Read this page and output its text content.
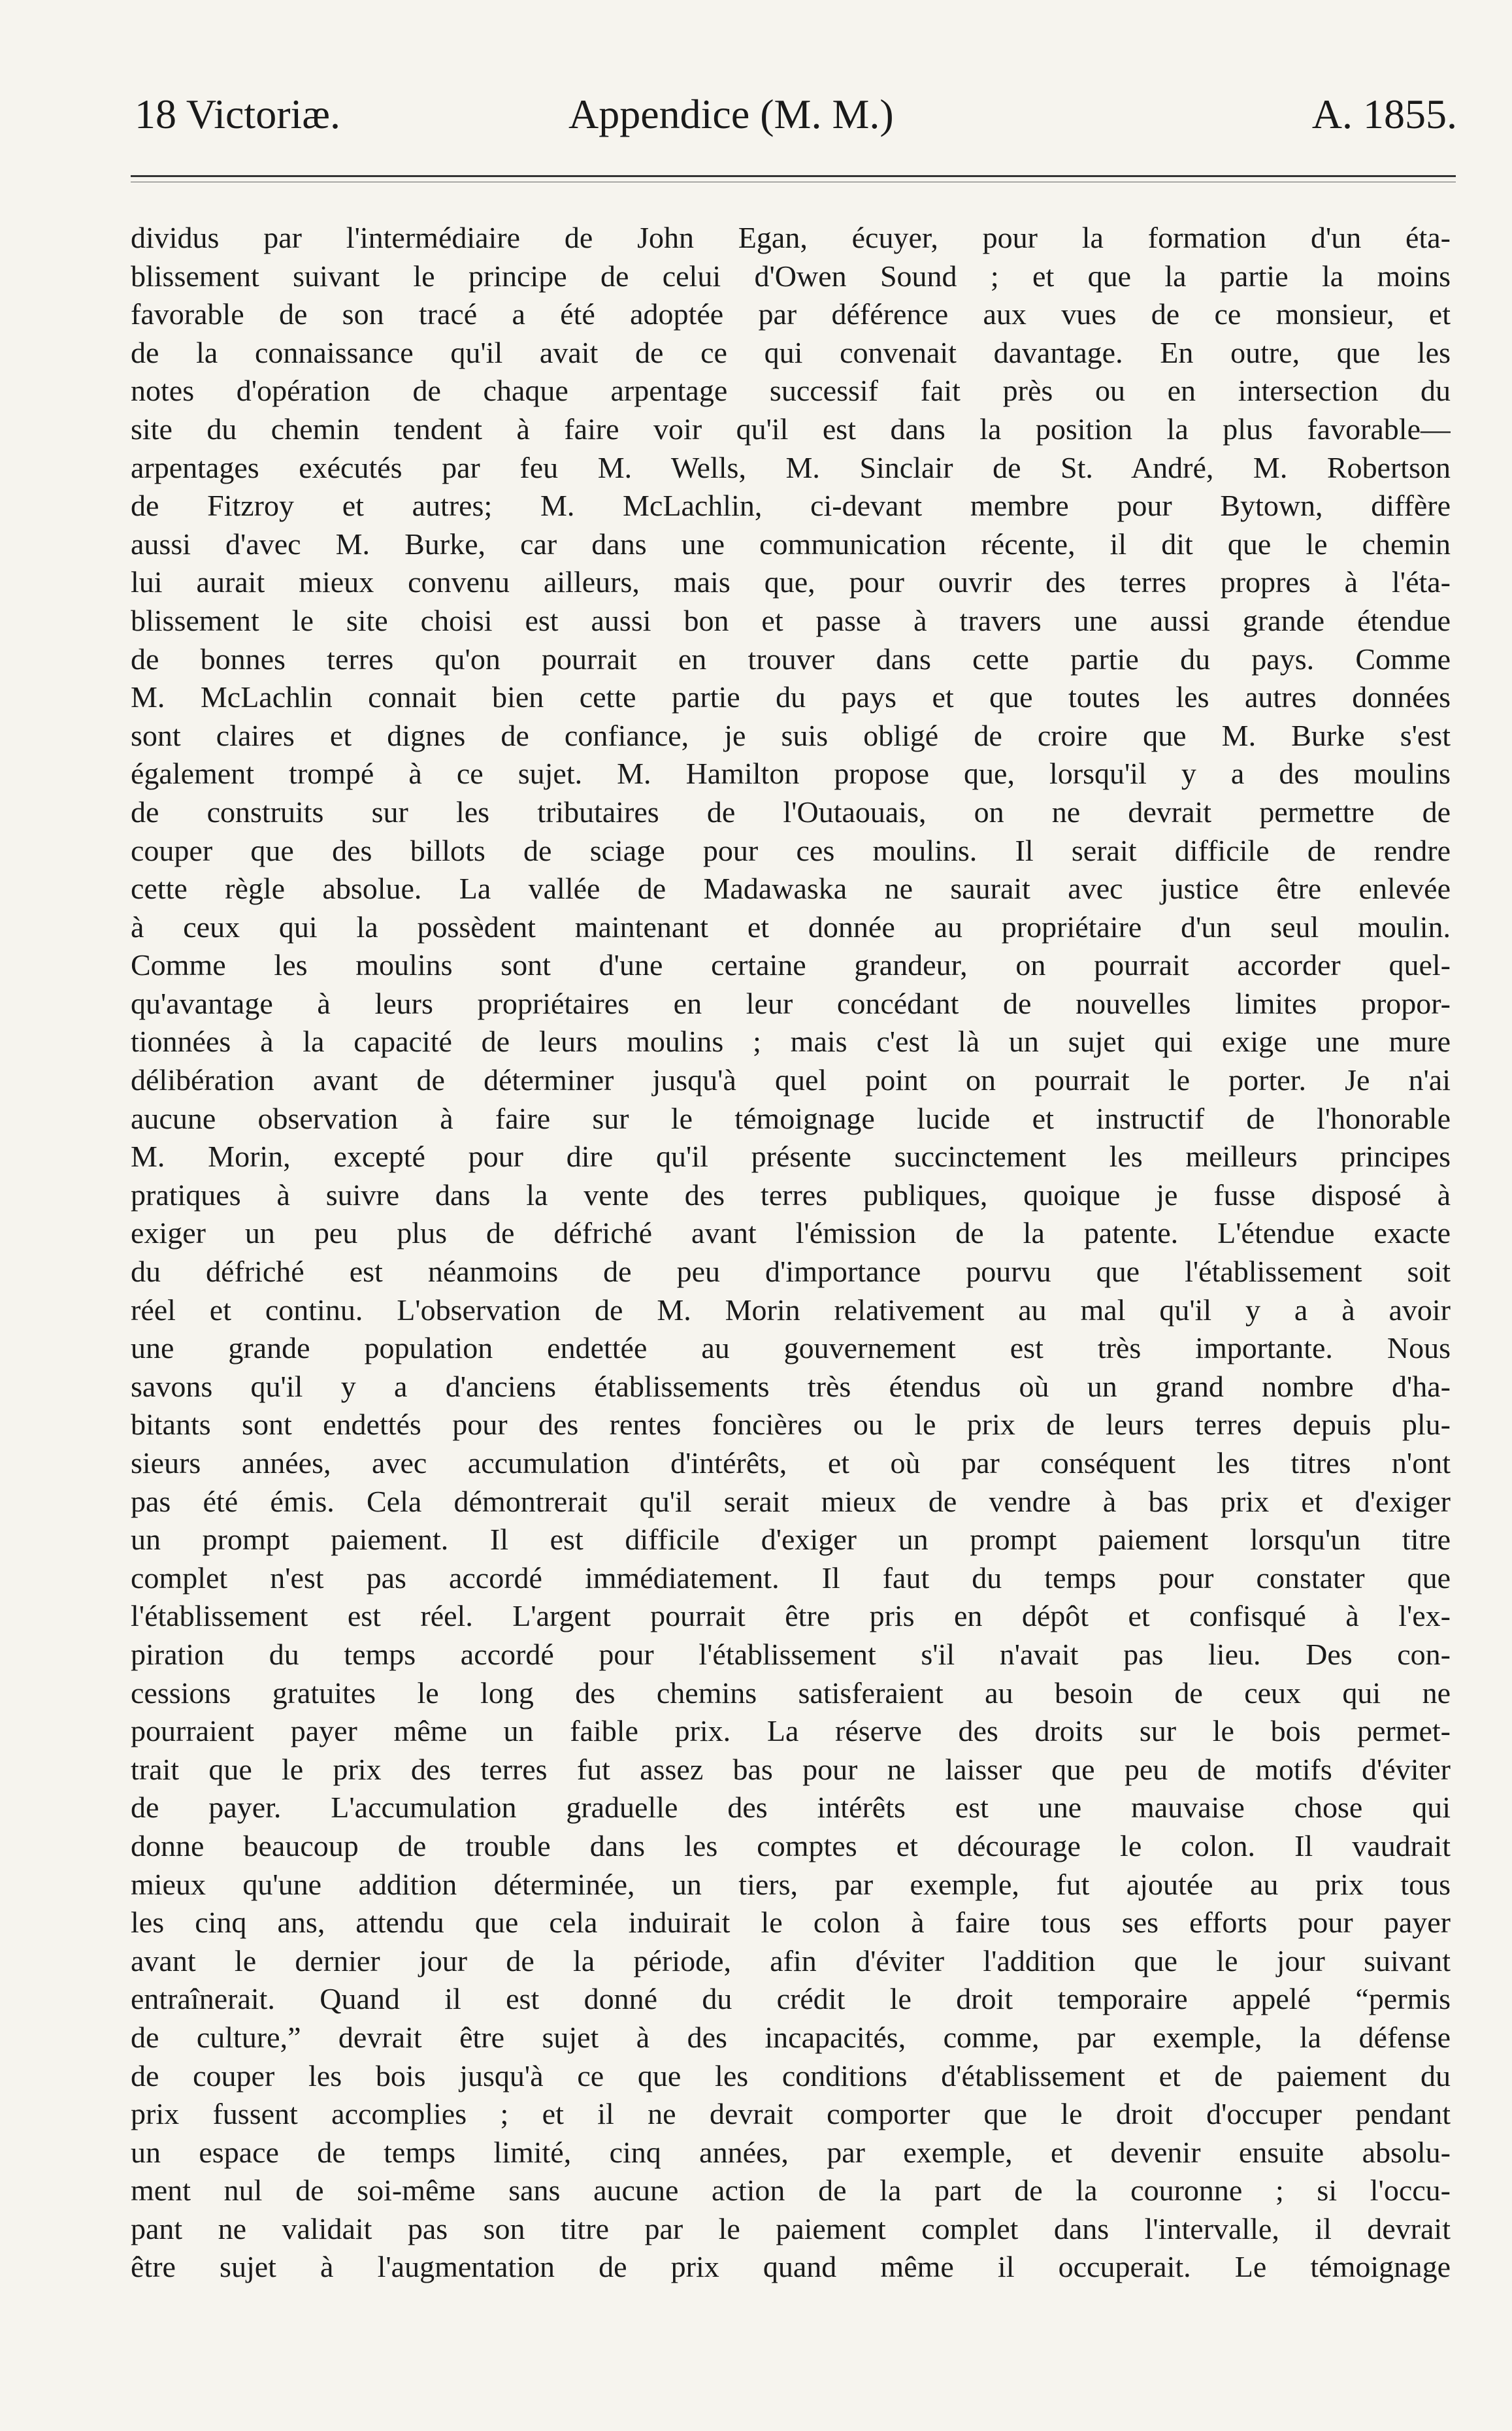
18 Victoriæ.	Appendice (M. M.)	A. 1855.
dividus par l'intermédiaire de John Egan, écuyer, pour la formation d'un éta-
blissement suivant le principe de celui d'Owen Sound ; et que la partie la moins
favorable de son tracé a été adoptée par déférence aux vues de ce monsieur, et
de la connaissance qu'il avait de ce qui convenait davantage. En outre, que les
notes d'opération de chaque arpentage successif fait près ou en intersection du
site du chemin tendent à faire voir qu'il est dans la position la plus favorable—
arpentages exécutés par feu M. Wells, M. Sinclair de St. André, M. Robertson
de Fitzroy et autres; M. McLachlin, ci-devant membre pour Bytown, diffère
aussi d'avec M. Burke, car dans une communication récente, il dit que le chemin
lui aurait mieux convenu ailleurs, mais que, pour ouvrir des terres propres à l'éta-
blissement le site choisi est aussi bon et passe à travers une aussi grande étendue
de bonnes terres qu'on pourrait en trouver dans cette partie du pays. Comme
M. McLachlin connait bien cette partie du pays et que toutes les autres données
sont claires et dignes de confiance, je suis obligé de croire que M. Burke s'est
également trompé à ce sujet. M. Hamilton propose que, lorsqu'il y a des moulins
de construits sur les tributaires de l'Outaouais, on ne devrait permettre de
couper que des billots de sciage pour ces moulins. Il serait difficile de rendre
cette règle absolue. La vallée de Madawaska ne saurait avec justice être enlevée
à ceux qui la possèdent maintenant et donnée au propriétaire d'un seul moulin.
Comme les moulins sont d'une certaine grandeur, on pourrait accorder quel-
qu'avantage à leurs propriétaires en leur concédant de nouvelles limites propor-
tionnées à la capacité de leurs moulins ; mais c'est là un sujet qui exige une mure
délibération avant de déterminer jusqu'à quel point on pourrait le porter. Je n'ai
aucune observation à faire sur le témoignage lucide et instructif de l'honorable
M. Morin, excepté pour dire qu'il présente succinctement les meilleurs principes
pratiques à suivre dans la vente des terres publiques, quoique je fusse disposé à
exiger un peu plus de défriché avant l'émission de la patente. L'étendue exacte
du défriché est néanmoins de peu d'importance pourvu que l'établissement soit
réel et continu. L'observation de M. Morin relativement au mal qu'il y a à avoir
une grande population endettée au gouvernement est très importante. Nous
savons qu'il y a d'anciens établissements très étendus où un grand nombre d'ha-
bitants sont endettés pour des rentes foncières ou le prix de leurs terres depuis plu-
sieurs années, avec accumulation d'intérêts, et où par conséquent les titres n'ont
pas été émis. Cela démontrerait qu'il serait mieux de vendre à bas prix et d'exiger
un prompt paiement. Il est difficile d'exiger un prompt paiement lorsqu'un titre
complet n'est pas accordé immédiatement. Il faut du temps pour constater que
l'établissement est réel. L'argent pourrait être pris en dépôt et confisqué à l'ex-
piration du temps accordé pour l'établissement s'il n'avait pas lieu. Des con-
cessions gratuites le long des chemins satisferaient au besoin de ceux qui ne
pourraient payer même un faible prix. La réserve des droits sur le bois permet-
trait que le prix des terres fut assez bas pour ne laisser que peu de motifs d'éviter
de payer. L'accumulation graduelle des intérêts est une mauvaise chose qui
donne beaucoup de trouble dans les comptes et décourage le colon. Il vaudrait
mieux qu'une addition déterminée, un tiers, par exemple, fut ajoutée au prix tous
les cinq ans, attendu que cela induirait le colon à faire tous ses efforts pour payer
avant le dernier jour de la période, afin d'éviter l'addition que le jour suivant
entraînerait. Quand il est donné du crédit le droit temporaire appelé “permis
de culture,” devrait être sujet à des incapacités, comme, par exemple, la défense
de couper les bois jusqu'à ce que les conditions d'établissement et de paiement du
prix fussent accomplies ; et il ne devrait comporter que le droit d'occuper pendant
un espace de temps limité, cinq années, par exemple, et devenir ensuite absolu-
ment nul de soi-même sans aucune action de la part de la couronne ; si l'occu-
pant ne validait pas son titre par le paiement complet dans l'intervalle, il devrait
être sujet à l'augmentation de prix quand même il occuperait. Le témoignage
